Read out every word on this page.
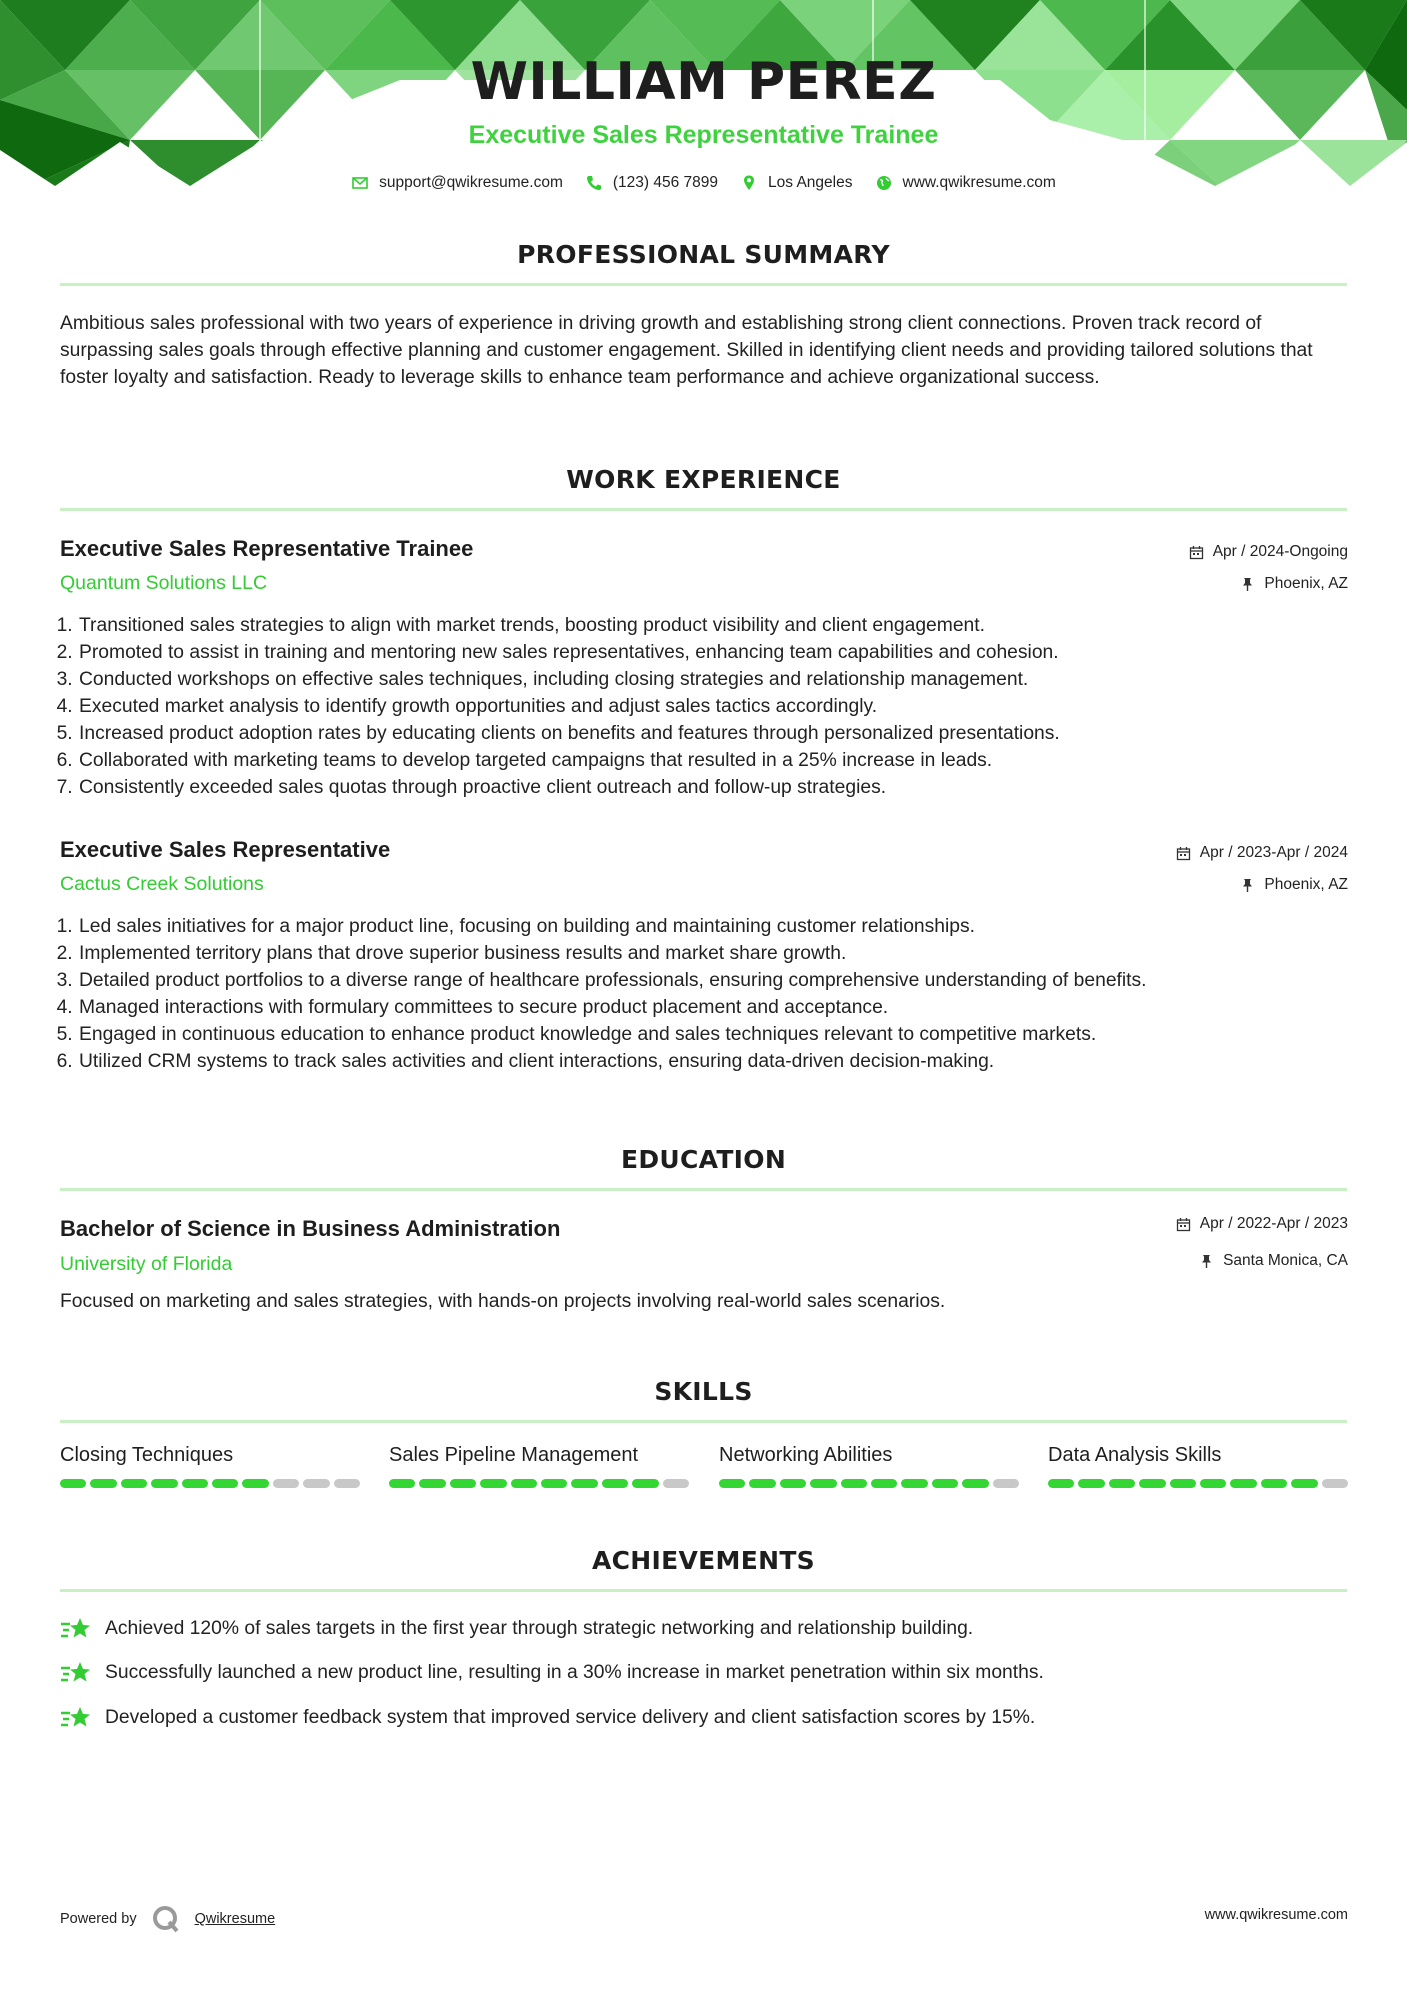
WILLIAM PEREZ
Executive Sales Representative Trainee
support@qwikresume.com	(123) 456 7899	Los Angeles	www.qwikresume.com
PROFESSIONAL SUMMARY

Ambitious sales professional with two years of experience in driving growth and establishing strong client connections. Proven track record of surpassing sales goals through effective planning and customer engagement. Skilled in identifying client needs and providing tailored solutions that foster loyalty and satisfaction. Ready to leverage skills to enhance team performance and achieve organizational success.

WORK EXPERIENCE
Executive Sales Representative Trainee
Quantum Solutions LLC
Apr / 2024-Ongoing
Phoenix, AZ
1. Transitioned sales strategies to align with market trends, boosting product visibility and client engagement.
2. Promoted to assist in training and mentoring new sales representatives, enhancing team capabilities and cohesion.
3. Conducted workshops on effective sales techniques, including closing strategies and relationship management.
4. Executed market analysis to identify growth opportunities and adjust sales tactics accordingly.
5. Increased product adoption rates by educating clients on benefits and features through personalized presentations.
6. Collaborated with marketing teams to develop targeted campaigns that resulted in a 25% increase in leads.
7. Consistently exceeded sales quotas through proactive client outreach and follow-up strategies.
Executive Sales Representative
Cactus Creek Solutions
Apr / 2023-Apr / 2024
Phoenix, AZ
1. Led sales initiatives for a major product line, focusing on building and maintaining customer relationships.
2. Implemented territory plans that drove superior business results and market share growth.
3. Detailed product portfolios to a diverse range of healthcare professionals, ensuring comprehensive understanding of benefits.
4. Managed interactions with formulary committees to secure product placement and acceptance.
5. Engaged in continuous education to enhance product knowledge and sales techniques relevant to competitive markets.
6. Utilized CRM systems to track sales activities and client interactions, ensuring data-driven decision-making.
EDUCATION
Bachelor of Science in Business Administration
University of Florida
Apr / 2022-Apr / 2023
Santa Monica, CA

Focused on marketing and sales strategies, with hands-on projects involving real-world sales scenarios.

SKILLS
Closing Techniques	Sales Pipeline Management	Networking Abilities	Data Analysis Skills
ACHIEVEMENTS
Achieved 120% of sales targets in the first year through strategic networking and relationship building.
Successfully launched a new product line, resulting in a 30% increase in market penetration within six months.
Developed a customer feedback system that improved service delivery and client satisfaction scores by 15%.
Powered by	Qwikresume	www.qwikresume.com
